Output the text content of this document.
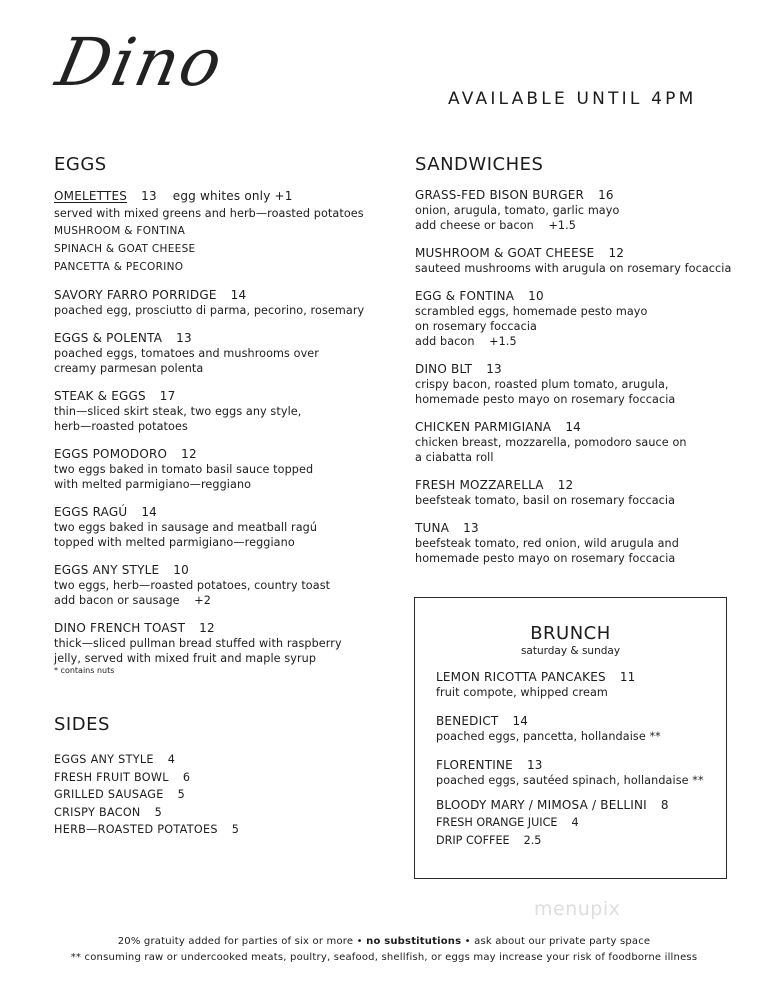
Dino	AVAILABLE UNTIL 4PM
EGGS
OMELETTES 13 egg whites only +1
served with mixed greens and herb—roasted potatoes
MUSHROOM & FONTINA
SPINACH & GOAT CHEESE
PANCETTA & PECORINO
SAVORY FARRO PORRIDGE 14
poached egg, prosciutto di parma, pecorino, rosemary
EGGS & POLENTA 13
poached eggs, tomatoes and mushrooms over
creamy parmesan polenta
STEAK & EGGS 17
thin—sliced skirt steak, two eggs any style,
herb—roasted potatoes
EGGS POMODORO 12
two eggs baked in tomato basil sauce topped
with melted parmigiano—reggiano
EGGS RAGÚ 14
two eggs baked in sausage and meatball ragú
topped with melted parmigiano—reggiano
EGGS ANY STYLE 10
two eggs, herb—roasted potatoes, country toast
add bacon or sausage    +2
DINO FRENCH TOAST 12
thick—sliced pullman bread stuffed with raspberry
jelly, served with mixed fruit and maple syrup
* contains nuts
SIDES
EGGS ANY STYLE 4
FRESH FRUIT BOWL 6
GRILLED SAUSAGE 5
CRISPY BACON 5
HERB—ROASTED POTATOES 5
SANDWICHES
GRASS-FED BISON BURGER 16
onion, arugula, tomato, garlic mayo
add cheese or bacon    +1.5
MUSHROOM & GOAT CHEESE 12
sauteed mushrooms with arugula on rosemary focaccia
EGG & FONTINA 10
scrambled eggs, homemade pesto mayo
on rosemary foccacia
add bacon    +1.5
DINO BLT 13
crispy bacon, roasted plum tomato, arugula,
homemade pesto mayo on rosemary foccacia
CHICKEN PARMIGIANA 14
chicken breast, mozzarella, pomodoro sauce on
a ciabatta roll
FRESH MOZZARELLA 12
beefsteak tomato, basil on rosemary foccacia
TUNA 13
beefsteak tomato, red onion, wild arugula and
homemade pesto mayo on rosemary foccacia
BRUNCH
saturday & sunday
LEMON RICOTTA PANCAKES 11
fruit compote, whipped cream
BENEDICT 14
poached eggs, pancetta, hollandaise **
FLORENTINE 13
poached eggs, sautéed spinach, hollandaise **
BLOODY MARY / MIMOSA / BELLINI 8
FRESH ORANGE JUICE 4
DRIP COFFEE 2.5
menupix
20% gratuity added for parties of six or more • no substitutions • ask about our private party space
** consuming raw or undercooked meats, poultry, seafood, shellfish, or eggs may increase your risk of foodborne illness
